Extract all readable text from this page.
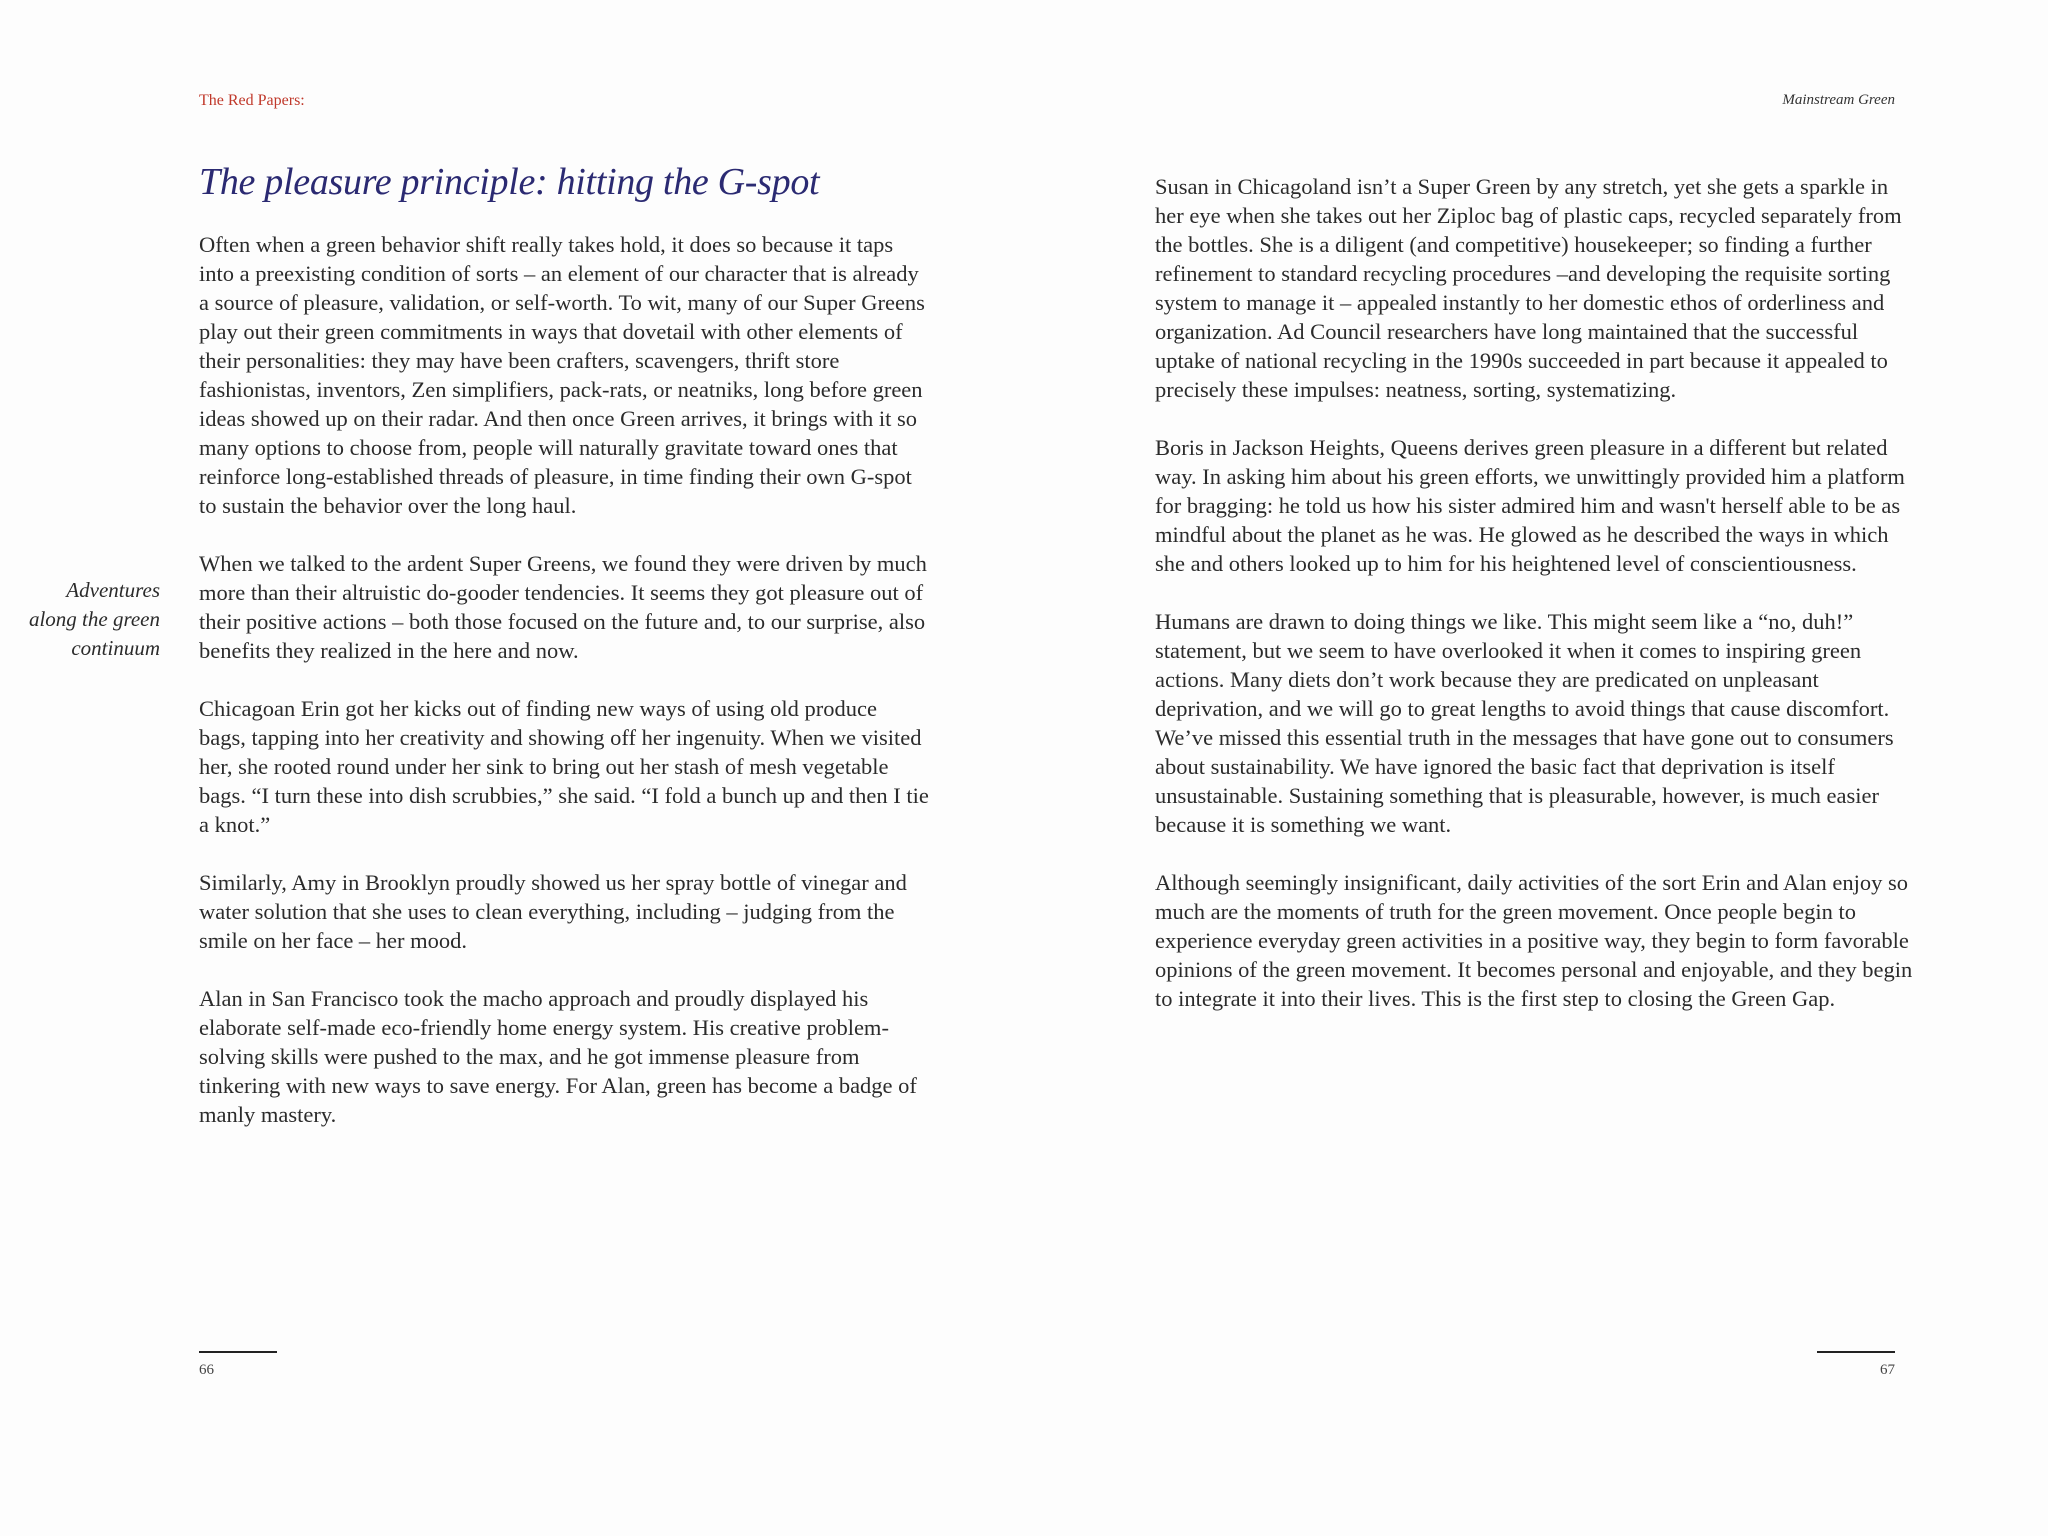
The Red Papers:
The pleasure principle: hitting the G-spot
Adventures along the green continuum

Often when a green behavior shift really takes hold, it does so because it taps into a preexisting condition of sorts – an element of our character that is already a source of pleasure, validation, or self-worth. To wit, many of our Super Greens play out their green commitments in ways that dovetail with other elements of their personalities: they may have been crafters, scavengers, thrift store fashionistas, inventors, Zen simplifiers, pack-rats, or neatniks, long before green ideas showed up on their radar. And then once Green arrives, it brings with it so many options to choose from, people will naturally gravitate toward ones that reinforce long-established threads of pleasure, in time finding their own G-spot to sustain the behavior over the long haul.

When we talked to the ardent Super Greens, we found they were driven by much more than their altruistic do-gooder tendencies. It seems they got pleasure out of their positive actions – both those focused on the future and, to our surprise, also benefits they realized in the here and now.

Chicagoan Erin got her kicks out of finding new ways of using old produce bags, tapping into her creativity and showing off her ingenuity. When we visited her, she rooted round under her sink to bring out her stash of mesh vegetable bags. “I turn these into dish scrubbies,” she said. “I fold a bunch up and then I tie a knot.”

Similarly, Amy in Brooklyn proudly showed us her spray bottle of vinegar and water solution that she uses to clean everything, including – judging from the smile on her face – her mood.

Alan in San Francisco took the macho approach and proudly displayed his elaborate self-made eco-friendly home energy system. His creative problem-solving skills were pushed to the max, and he got immense pleasure from tinkering with new ways to save energy. For Alan, green has become a badge of manly mastery.

66
Mainstream Green

Susan in Chicagoland isn’t a Super Green by any stretch, yet she gets a sparkle in her eye when she takes out her Ziploc bag of plastic caps, recycled separately from the bottles. She is a diligent (and competitive) housekeeper; so finding a further refinement to standard recycling procedures –and developing the requisite sorting system to manage it – appealed instantly to her domestic ethos of orderliness and organization. Ad Council researchers have long maintained that the successful uptake of national recycling in the 1990s succeeded in part because it appealed to precisely these impulses: neatness, sorting, systematizing.

Boris in Jackson Heights, Queens derives green pleasure in a different but related way. In asking him about his green efforts, we unwittingly provided him a platform for bragging: he told us how his sister admired him and wasn't herself able to be as mindful about the planet as he was. He glowed as he described the ways in which she and others looked up to him for his heightened level of conscientiousness.

Humans are drawn to doing things we like. This might seem like a “no, duh!” statement, but we seem to have overlooked it when it comes to inspiring green actions. Many diets don’t work because they are predicated on unpleasant deprivation, and we will go to great lengths to avoid things that cause discomfort. We’ve missed this essential truth in the messages that have gone out to consumers about sustainability. We have ignored the basic fact that deprivation is itself unsustainable. Sustaining something that is pleasurable, however, is much easier because it is something we want.

Although seemingly insignificant, daily activities of the sort Erin and Alan enjoy so much are the moments of truth for the green movement. Once people begin to experience everyday green activities in a positive way, they begin to form favorable opinions of the green movement. It becomes personal and enjoyable, and they begin to integrate it into their lives. This is the first step to closing the Green Gap.

67
